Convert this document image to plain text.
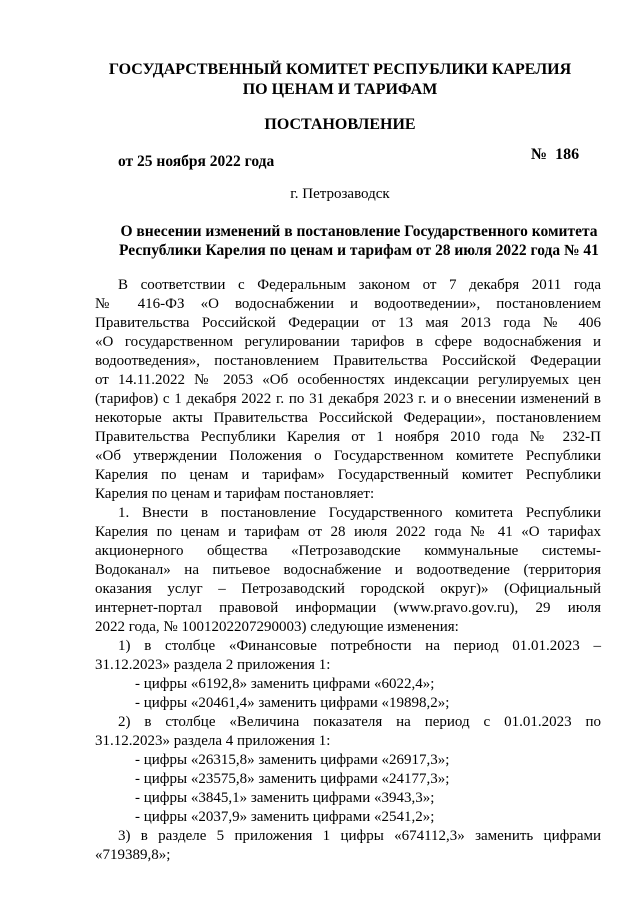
ГОСУДАРСТВЕННЫЙ КОМИТЕТ РЕСПУБЛИКИ КАРЕЛИЯ
ПО ЦЕНАМ И ТАРИФАМ
ПОСТАНОВЛЕНИЕ
от 25 ноября 2022 года	№  186
г. Петрозаводск
О внесении изменений в постановление Государственного комитета
Республики Карелия по ценам и тарифам от 28 июля 2022 года № 41
В соответствии с Федеральным законом от 7 декабря 2011 года
№ 416-ФЗ «О водоснабжении и водоотведении», постановлением
Правительства Российской Федерации от 13 мая 2013 года № 406
«О государственном регулировании тарифов в сфере водоснабжения и
водоотведения», постановлением Правительства Российской Федерации
от 14.11.2022 № 2053 «Об особенностях индексации регулируемых цен
(тарифов) с 1 декабря 2022 г. по 31 декабря 2023 г. и о внесении изменений в
некоторые акты Правительства Российской Федерации», постановлением
Правительства Республики Карелия от 1 ноября 2010 года № 232-П
«Об утверждении Положения о Государственном комитете Республики
Карелия по ценам и тарифам» Государственный комитет Республики
Карелия по ценам и тарифам постановляет:
1. Внести в постановление Государственного комитета Республики
Карелия по ценам и тарифам от 28 июля 2022 года № 41 «О тарифах
акционерного общества «Петрозаводские коммунальные системы-
Водоканал» на питьевое водоснабжение и водоотведение (территория
оказания услуг – Петрозаводский городской округ)» (Официальный
интернет-портал правовой информации (www.pravo.gov.ru), 29 июля
2022 года, № 1001202207290003) следующие изменения:
1) в столбце «Финансовые потребности на период 01.01.2023 –
31.12.2023» раздела 2 приложения 1:
- цифры «6192,8» заменить цифрами «6022,4»;
- цифры «20461,4» заменить цифрами «19898,2»;
2) в столбце «Величина показателя на период с 01.01.2023 по
31.12.2023» раздела 4 приложения 1:
- цифры «26315,8» заменить цифрами «26917,3»;
- цифры «23575,8» заменить цифрами «24177,3»;
- цифры «3845,1» заменить цифрами «3943,3»;
- цифры «2037,9» заменить цифрами «2541,2»;
3) в разделе 5 приложения 1 цифры «674112,3» заменить цифрами
«719389,8»;
